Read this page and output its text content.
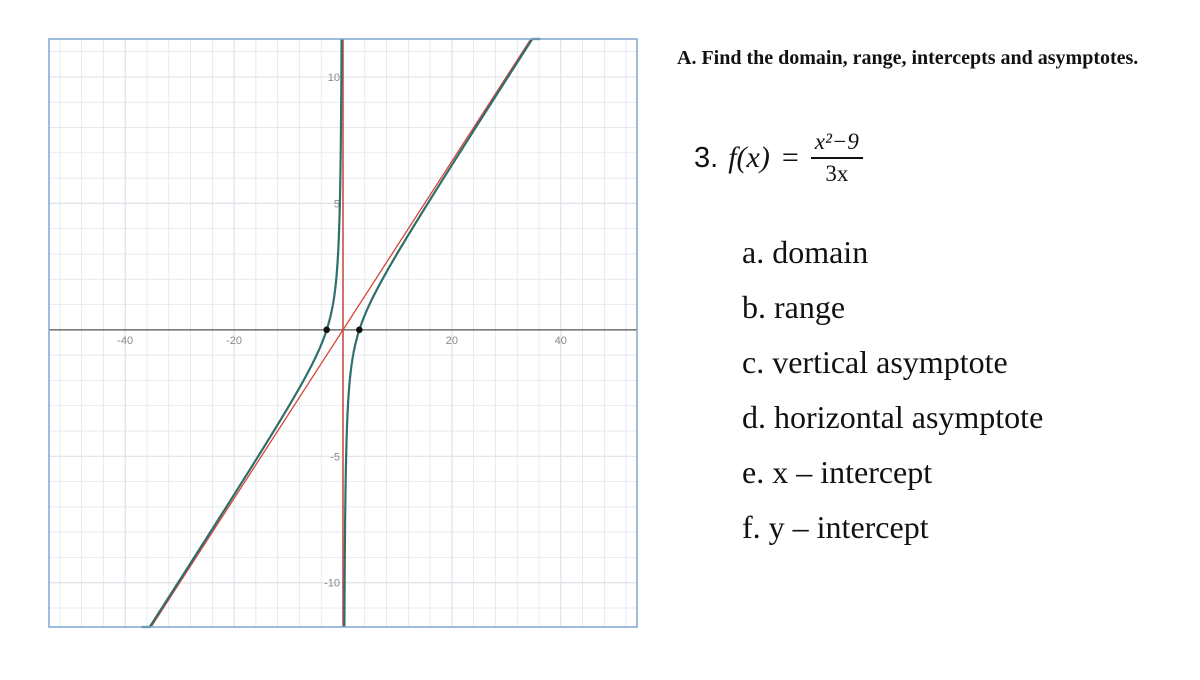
-40	-20	20	40
10
5
-5
-10
A. Find the domain, range, intercepts and asymptotes.
3. $f(x) = \frac{\text{x²−9}}{3x}$
a. domain
b. range
c. vertical asymptote
d. horizontal asymptote
e. x – intercept
f. y – intercept
